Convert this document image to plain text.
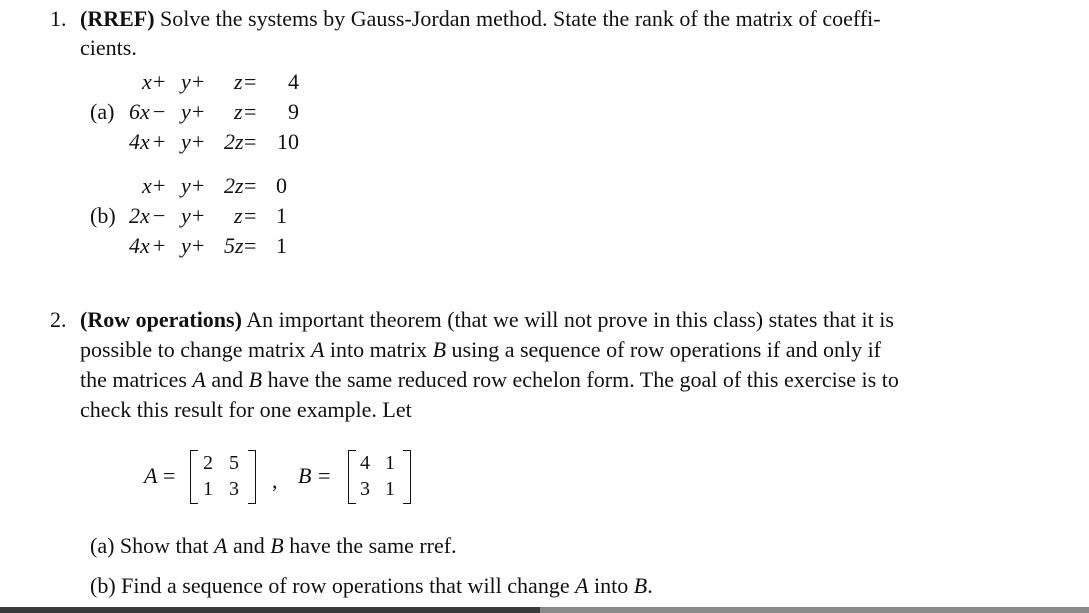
1. (RREF) Solve the systems by Gauss-Jordan method. State the rank of the matrix of coeffi-
cients.
(a)
x + y + z = 4
6x − y + z = 9
4x + y + 2z = 10
(b)
x + y + 2z = 0
2x − y + z = 1
4x + y + 5z = 1
2. (Row operations) An important theorem (that we will not prove in this class) states that it is
possible to change matrix A into matrix B using a sequence of row operations if and only if
the matrices A and B have the same reduced row echelon form. The goal of this exercise is to
check this result for one example. Let
A = 2 5
1 3 , B = 4 1
3 1
(a) Show that A and B have the same rref.
(b) Find a sequence of row operations that will change A into B.
